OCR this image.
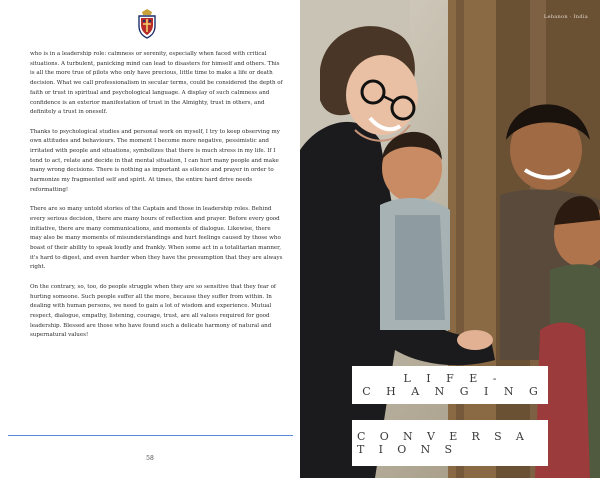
who is in a leadership role: calmness or serenity, especially when faced with critical situations. A turbulent, panicking mind can lead to disasters for himself and others. This is all the more true of pilots who only have precious, little time to make a life or death decision. What we call professionalism in secular terms, could be considered the depth of faith or trust in spiritual and psychological language. A display of such calmness and confidence is an exterior manifestation of trust in the Almighty, trust in others, and definitely a trust in oneself.

Thanks to psychological studies and personal work on myself, I try to keep observing my own attitudes and behaviours. The moment I become more negative, pessimistic and irritated with people and situations, symbolizes that there is much stress in my life. If I tend to act, relate and decide in that mental situation, I can hurt many people and make many wrong decisions. There is nothing as important as silence and prayer in order to harmonize my fragmented self and spirit. At times, the entire hard drive needs reformatting!

There are so many untold stories of the Captain and those in leadership roles. Behind every serious decision, there are many hours of reflection and prayer. Before every good initiative, there are many communications, and moments of dialogue. Likewise, there may also be many moments of misunderstandings and hurt feelings caused by those who boast of their ability to speak loudly and frankly. When some act in a totalitarian manner, it's hard to digest, and even harder when they have the presumption that they are always right.

On the contrary, so, too, do people struggle when they are so sensitive that they fear of hurting someone. Such people suffer all the more, because they suffer from within. In dealing with human persons, we need to gain a lot of wisdom and experience. Mutual respect, dialogue, empathy, listening, courage, trust, are all values required for good leadership. Blessed are those who have found such a delicate harmony of natural and supernatural values!

58
Lebanon · India
L I F E -
C H A N G I N G
C O N V E R S A T I O N S
